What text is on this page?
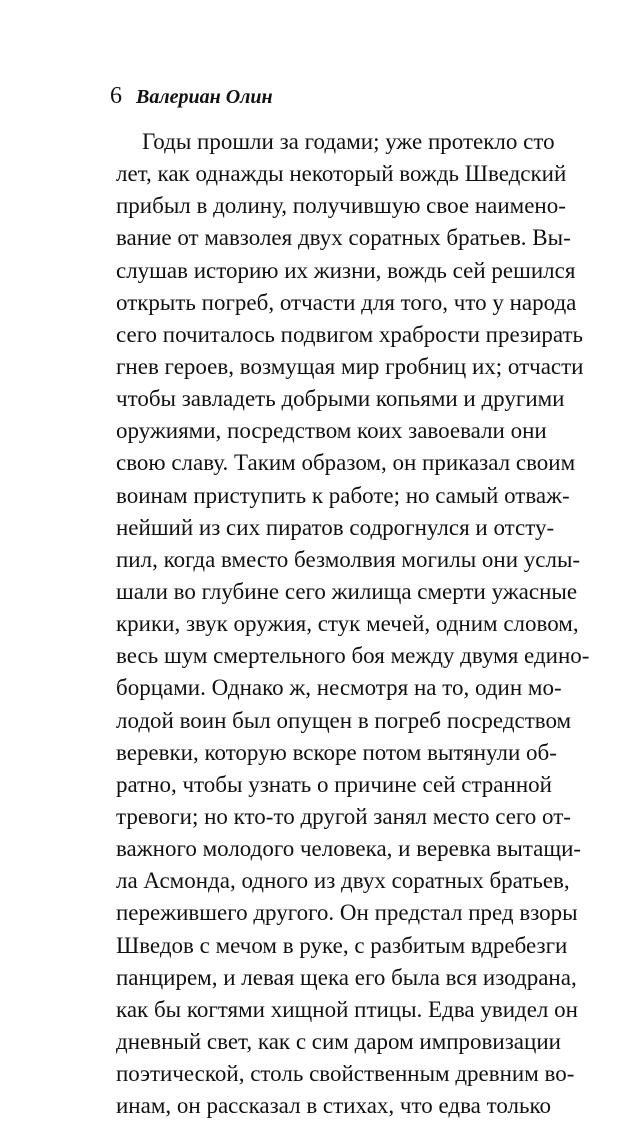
6 Валериан Олин
Годы прошли за годами; уже протекло сто
лет, как однажды некоторый вождь Шведский
прибыл в долину, получившую свое наимено-
вание от мавзолея двух соратных братьев. Вы-
слушав историю их жизни, вождь сей решился
открыть погреб, отчасти для того, что у народа
сего почиталось подвигом храбрости презирать
гнев героев, возмущая мир гробниц их; отчасти
чтобы завладеть добрыми копьями и другими
оружиями, посредством коих завоевали они
свою славу. Таким образом, он приказал своим
воинам приступить к работе; но самый отваж-
нейший из сих пиратов содрогнулся и отсту-
пил, когда вместо безмолвия могилы они услы-
шали во глубине сего жилища смерти ужасные
крики, звук оружия, стук мечей, одним словом,
весь шум смертельного боя между двумя едино-
борцами. Однако ж, несмотря на то, один мо-
лодой воин был опущен в погреб посредством
веревки, которую вскоре потом вытянули об-
ратно, чтобы узнать о причине сей странной
тревоги; но кто-то другой занял место сего от-
важного молодого человека, и веревка вытащи-
ла Асмонда, одного из двух соратных братьев,
пережившего другого. Он предстал пред взоры
Шведов с мечом в руке, с разбитым вдребезги
панцирем, и левая щека его была вся изодрана,
как бы когтями хищной птицы. Едва увидел он
дневный свет, как с сим даром импровизации
поэтической, столь свойственным древним во-
инам, он рассказал в стихах, что едва только
